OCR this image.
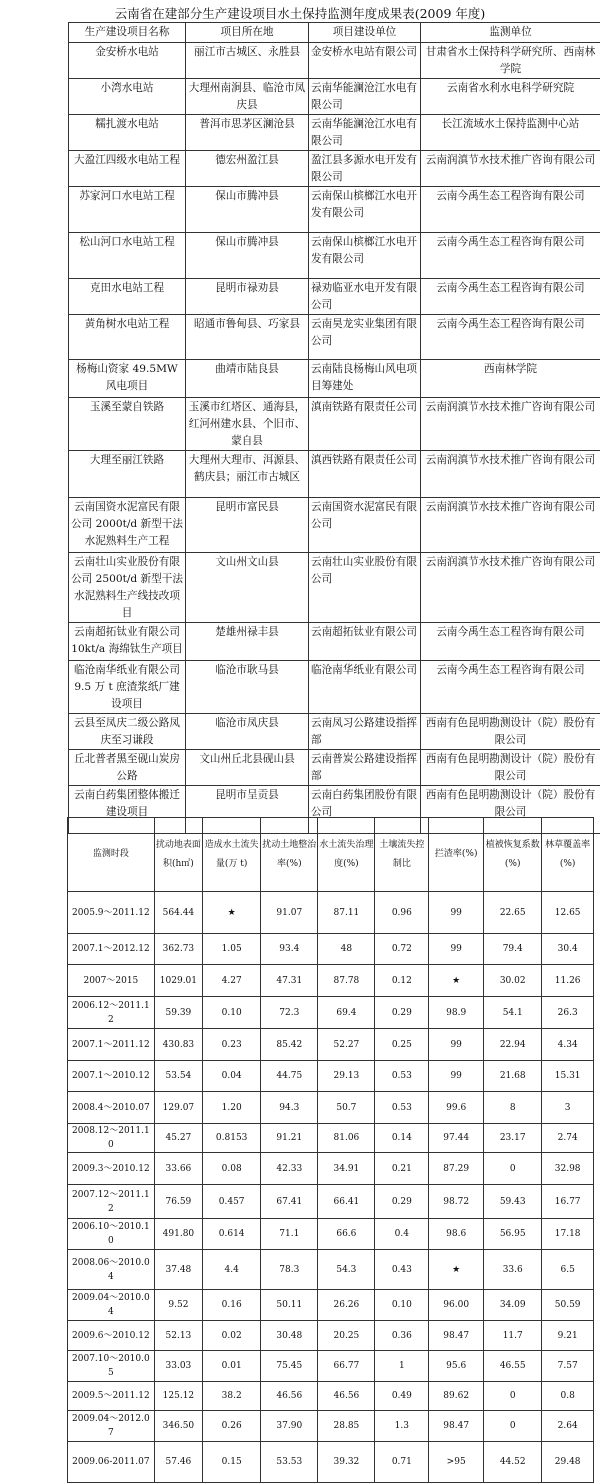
云南省在建部分生产建设项目水土保持监测年度成果表(2009 年度)
生产建设项目名称	项目所在地	项目建设单位	监测单位
金安桥水电站	丽江市古城区、永胜县	金安桥水电站有限公司	甘肃省水土保持科学研究所、西南林学院
小湾水电站	大理州南涧县、临沧市凤庆县	云南华能澜沧江水电有限公司	云南省水利水电科学研究院
糯扎渡水电站	普洱市思茅区澜沧县	云南华能澜沧江水电有限公司	长江流域水土保持监测中心站
大盈江四级水电站工程	德宏州盈江县	盈江县多源水电开发有限公司	云南润滇节水技术推广咨询有限公司
苏家河口水电站工程	保山市腾冲县	云南保山槟榔江水电开发有限公司	云南今禹生态工程咨询有限公司
松山河口水电站工程	保山市腾冲县	云南保山槟榔江水电开发有限公司	云南今禹生态工程咨询有限公司
克田水电站工程	昆明市禄劝县	禄劝临亚水电开发有限公司	云南今禹生态工程咨询有限公司
黄角树水电站工程	昭通市鲁甸县、巧家县	云南昊龙实业集团有限公司	云南今禹生态工程咨询有限公司
杨梅山资家 49.5MW 风电项目	曲靖市陆良县	云南陆良杨梅山风电项目筹建处	西南林学院
玉溪至蒙自铁路	玉溪市红塔区、通海县，红河州建水县、个旧市、蒙自县	滇南铁路有限责任公司	云南润滇节水技术推广咨询有限公司
大理至丽江铁路	大理州大理市、洱源县、鹤庆县；丽江市古城区	滇西铁路有限责任公司	云南润滇节水技术推广咨询有限公司
云南国资水泥富民有限公司 2000t/d 新型干法水泥熟料生产工程	昆明市富民县	云南国资水泥富民有限公司	云南润滇节水技术推广咨询有限公司
云南壮山实业股份有限公司 2500t/d 新型干法水泥熟料生产线技改项目	文山州文山县	云南壮山实业股份有限公司	云南润滇节水技术推广咨询有限公司
云南超拓钛业有限公司 10kt/a 海绵钛生产项目	楚雄州禄丰县	云南超拓钛业有限公司	云南今禹生态工程咨询有限公司
临沧南华纸业有限公司 9.5 万 t 庶渣浆纸厂建设项目	临沧市耿马县	临沧南华纸业有限公司	云南今禹生态工程咨询有限公司
云县至凤庆二级公路凤庆至习谦段	临沧市凤庆县	云南凤习公路建设指挥部	西南有色昆明勘测设计（院）股份有限公司
丘北普者黑至砚山炭房公路	文山州丘北县砚山县	云南普炭公路建设指挥部	西南有色昆明勘测设计（院）股份有限公司
云南白药集团整体搬迁建设项目	昆明市呈贡县	云南白药集团股份有限公司	西南有色昆明勘测设计（院）股份有限公司
监测时段	扰动地表面积(h㎡)	造成水土流失量(万 t)	扰动土地整治率(%)	水土流失治理度(%)	土壤流失控制比	拦渣率(%)	植被恢复系数(%)	林草覆盖率(%)
2005.9～2011.12	564.44	★	91.07	87.11	0.96	99	22.65	12.65
2007.1～2012.12	362.73	1.05	93.4	48	0.72	99	79.4	30.4
2007～2015	1029.01	4.27	47.31	87.78	0.12	★	30.02	11.26
2006.12～2011.12	59.39	0.10	72.3	69.4	0.29	98.9	54.1	26.3
2007.1～2011.12	430.83	0.23	85.42	52.27	0.25	99	22.94	4.34
2007.1～2010.12	53.54	0.04	44.75	29.13	0.53	99	21.68	15.31
2008.4～2010.07	129.07	1.20	94.3	50.7	0.53	99.6	8	3
2008.12～2011.10	45.27	0.8153	91.21	81.06	0.14	97.44	23.17	2.74
2009.3～2010.12	33.66	0.08	42.33	34.91	0.21	87.29	0	32.98
2007.12～2011.12	76.59	0.457	67.41	66.41	0.29	98.72	59.43	16.77
2006.10～2010.10	491.80	0.614	71.1	66.6	0.4	98.6	56.95	17.18
2008.06～2010.04	37.48	4.4	78.3	54.3	0.43	★	33.6	6.5
2009.04～2010.04	9.52	0.16	50.11	26.26	0.10	96.00	34.09	50.59
2009.6～2010.12	52.13	0.02	30.48	20.25	0.36	98.47	11.7	9.21
2007.10～2010.05	33.03	0.01	75.45	66.77	1	95.6	46.55	7.57
2009.5～2011.12	125.12	38.2	46.56	46.56	0.49	89.62	0	0.8
2009.04～2012.07	346.50	0.26	37.90	28.85	1.3	98.47	0	2.64
2009.06-2011.07	57.46	0.15	53.53	39.32	0.71	>95	44.52	29.48
